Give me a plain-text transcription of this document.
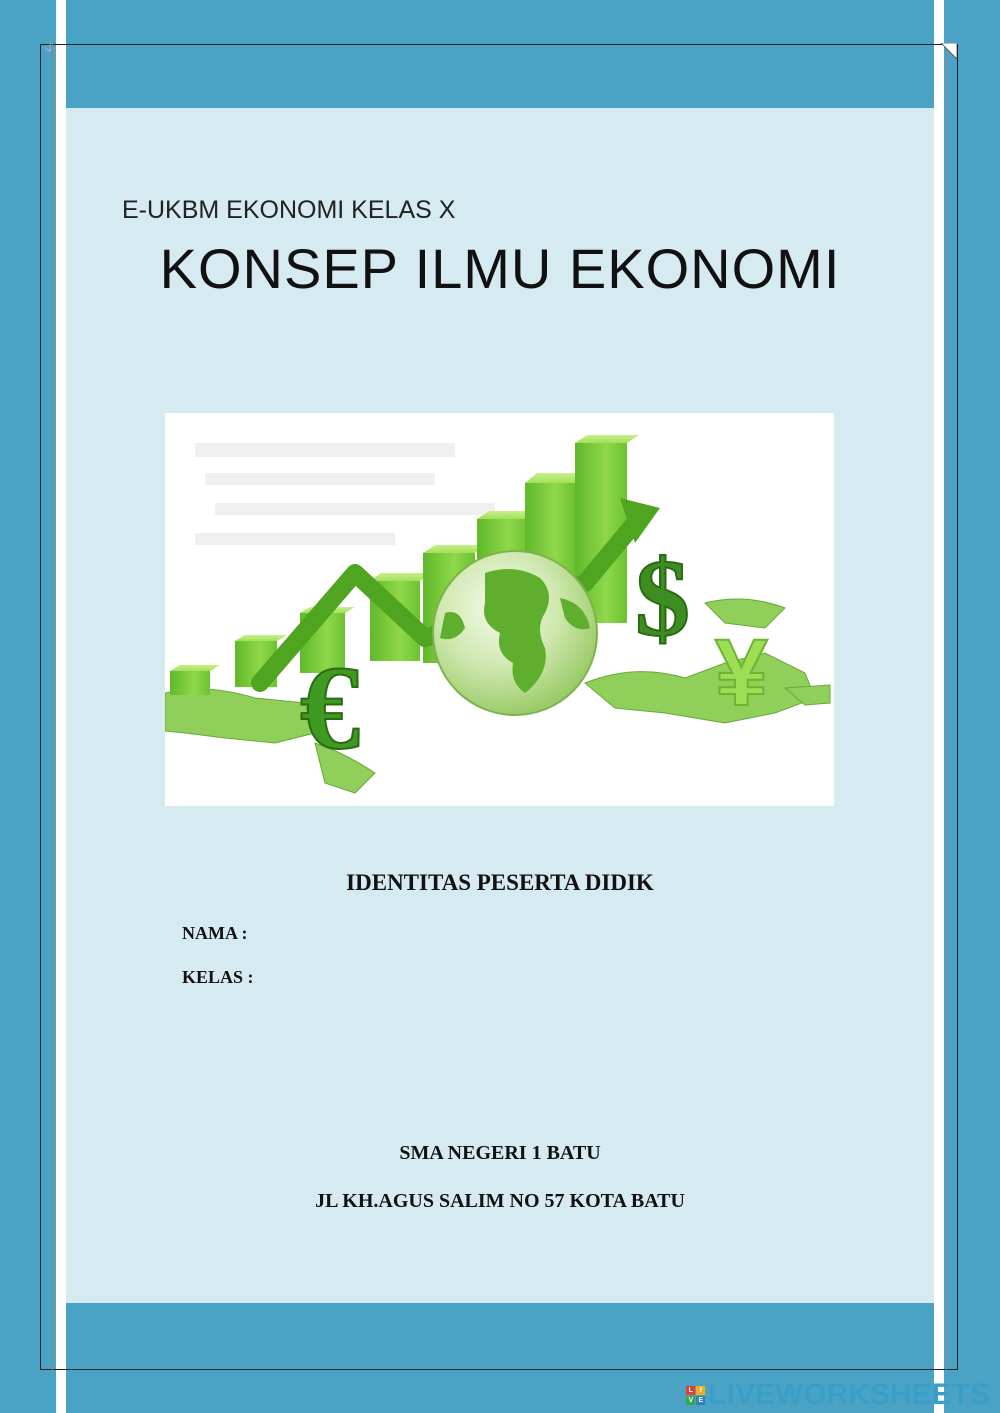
⚓
E-UKBM EKONOMI KELAS X
KONSEP ILMU EKONOMI
$
€	¥
IDENTITAS PESERTA DIDIK
NAMA :
KELAS :
SMA NEGERI 1 BATU
JL KH.AGUS SALIM NO 57 KOTA BATU
L I
V E LIVEWORKSHEETS
